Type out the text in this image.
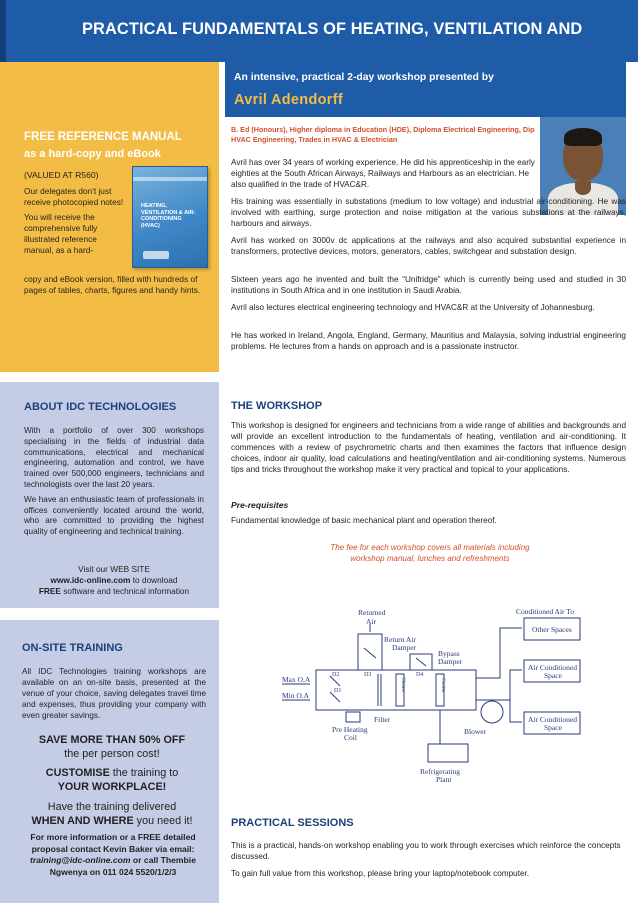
PRACTICAL FUNDAMENTALS OF HEATING, VENTILATION AND
FREE REFERENCE MANUAL
as a hard-copy and eBook
(VALUED AT R560)

Our delegates don't just receive photocopied notes!

You will receive the comprehensive fully illustrated reference manual, as a hard-

copy and eBook version, filled with hundreds of pages of tables, charts, figures and handy hints.
HEATING, VENTILATION & AIR-CONDITIONING (HVAC)
ABOUT IDC TECHNOLOGIES

With a portfolio of over 300 workshops specialising in the fields of industrial data communications, electrical and mechanical engineering, automation and control, we have trained over 500,000 engineers, technicians and technologists over the last 20 years.

We have an enthusiastic team of professionals in offices conveniently located around the world, who are committed to providing the highest quality of engineering and technical training.

Visit our WEB SITE
www.idc-online.com to download
FREE software and technical information
ON-SITE TRAINING
All IDC Technologies training workshops are available on an on-site basis, presented at the venue of your choice, saving delegates travel time and expenses, thus providing your company with even greater savings.
SAVE MORE THAN 50% OFF
the per person cost!
CUSTOMISE the training to
YOUR WORKPLACE!
Have the training delivered
WHEN AND WHERE you need it!
For more information or a FREE detailed proposal contact Kevin Baker via email: training@idc-online.com or call Thembie Ngwenya on 011 024 5520/1/2/3
An intensive, practical 2-day workshop presented by
Avril Adendorff
B. Ed (Honours), Higher diploma in Education (HDE), Diploma Electrical Engineering, Dip HVAC Engineering, Trades in HVAC & Electrician
Avril has over 34 years of working experience. He did his apprenticeship in the early eighties at the South African Airways, Railways and Harbours as an electrician. He also qualified in the trade of HVAC&R.
His training was essentially in substations (medium to low voltage) and industrial air-conditioning. He was involved with earthing, surge protection and noise mitigation at the various substations at the railways, harbours and airways.
Avril has worked on 3000v dc applications at the railways and also acquired substantial experience in transformers, protective devices, motors, generators, cables, switchgear and substation design.
Sixteen years ago he invented and built the “Unifridge” which is currently being used and studied in 30 institutions in South Africa and in one institution in Saudi Arabia.
Avril also lectures electrical engineering technology and HVAC&R at the University of Johannesburg.
He has worked in Ireland, Angola, England, Germany, Mauritius and Malaysia, solving industrial engineering problems. He lectures from a hands on approach and is a passionate instructor.
THE WORKSHOP
This workshop is designed for engineers and technicians from a wide range of abilities and backgrounds and will provide an excellent introduction to the fundamentals of heating, ventilation and air-conditioning. It commences with a review of psychrometric charts and then examines the factors that influence design choices, indoor air quality, load calculations and heating/ventilation and air-conditioning systems. Numerous tips and tricks throughout the workshop make it very practical and topical to your applications.
Pre-requisites
Fundamental knowledge of basic mechanical plant and operation thereof.
The fee for each workshop covers all materials including workshop manual, lunches and refreshments
Returned
Air
Return Air
Damper
Bypass
Damper
Conditioned Air To
Other Spaces
Air Conditioned
Space
Air Conditioned
Space
Max O.A
Min O.A	D1
D2	D3	D4
Filter
Pre Heating
Coil
Blower
Refrigerating
Plant
Heater	Cooler
PRACTICAL SESSIONS
This is a practical, hands-on workshop enabling you to work through exercises which reinforce the concepts discussed.
To gain full value from this workshop, please bring your laptop/notebook computer.
